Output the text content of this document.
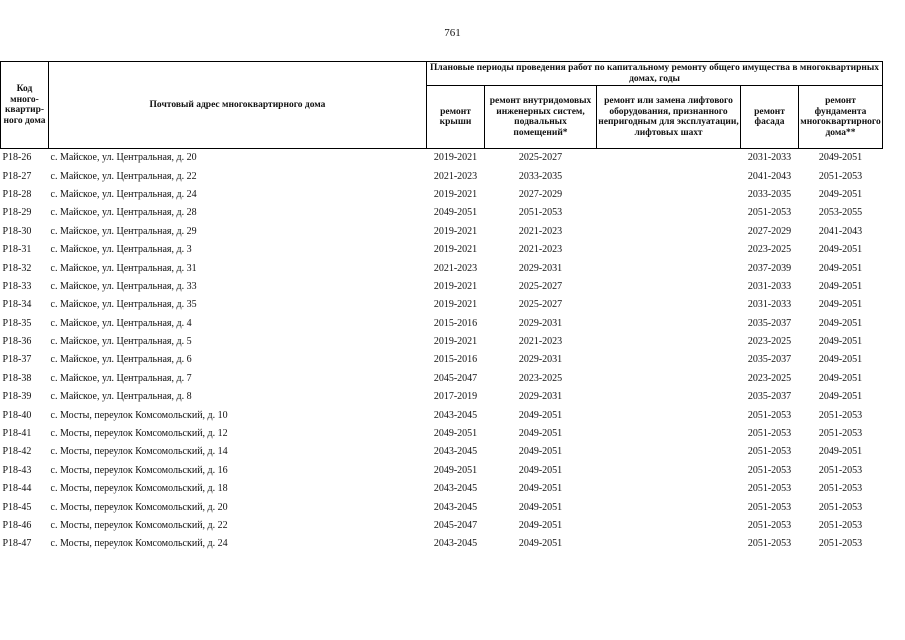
761
Код много-квартир-ного дома	Почтовый адрес многоквартирного дома	Плановые периоды проведения работ по капитальному ремонту общего имущества в многоквартирных домах, годы				
		ремонт крыши	ремонт внутридомовых инженерных систем, подвальных помещений*	ремонт или замена лифтового оборудования, признанного непригодным для эксплуатации, лифтовых шахт	ремонт фасада	ремонт фундамента многоквартирного дома**
Р18-26	с. Майское, ул. Центральная, д. 20	2019-2021	2025-2027		2031-2033	2049-2051
Р18-27	с. Майское, ул. Центральная, д. 22	2021-2023	2033-2035		2041-2043	2051-2053
Р18-28	с. Майское, ул. Центральная, д. 24	2019-2021	2027-2029		2033-2035	2049-2051
Р18-29	с. Майское, ул. Центральная, д. 28	2049-2051	2051-2053		2051-2053	2053-2055
Р18-30	с. Майское, ул. Центральная, д. 29	2019-2021	2021-2023		2027-2029	2041-2043
Р18-31	с. Майское, ул. Центральная, д. 3	2019-2021	2021-2023		2023-2025	2049-2051
Р18-32	с. Майское, ул. Центральная, д. 31	2021-2023	2029-2031		2037-2039	2049-2051
Р18-33	с. Майское, ул. Центральная, д. 33	2019-2021	2025-2027		2031-2033	2049-2051
Р18-34	с. Майское, ул. Центральная, д. 35	2019-2021	2025-2027		2031-2033	2049-2051
Р18-35	с. Майское, ул. Центральная, д. 4	2015-2016	2029-2031		2035-2037	2049-2051
Р18-36	с. Майское, ул. Центральная, д. 5	2019-2021	2021-2023		2023-2025	2049-2051
Р18-37	с. Майское, ул. Центральная, д. 6	2015-2016	2029-2031		2035-2037	2049-2051
Р18-38	с. Майское, ул. Центральная, д. 7	2045-2047	2023-2025		2023-2025	2049-2051
Р18-39	с. Майское, ул. Центральная, д. 8	2017-2019	2029-2031		2035-2037	2049-2051
Р18-40	с. Мосты, переулок Комсомольский, д. 10	2043-2045	2049-2051		2051-2053	2051-2053
Р18-41	с. Мосты, переулок Комсомольский, д. 12	2049-2051	2049-2051		2051-2053	2051-2053
Р18-42	с. Мосты, переулок Комсомольский, д. 14	2043-2045	2049-2051		2051-2053	2049-2051
Р18-43	с. Мосты, переулок Комсомольский, д. 16	2049-2051	2049-2051		2051-2053	2051-2053
Р18-44	с. Мосты, переулок Комсомольский, д. 18	2043-2045	2049-2051		2051-2053	2051-2053
Р18-45	с. Мосты, переулок Комсомольский, д. 20	2043-2045	2049-2051		2051-2053	2051-2053
Р18-46	с. Мосты, переулок Комсомольский, д. 22	2045-2047	2049-2051		2051-2053	2051-2053
Р18-47	с. Мосты, переулок Комсомольский, д. 24	2043-2045	2049-2051		2051-2053	2051-2053
